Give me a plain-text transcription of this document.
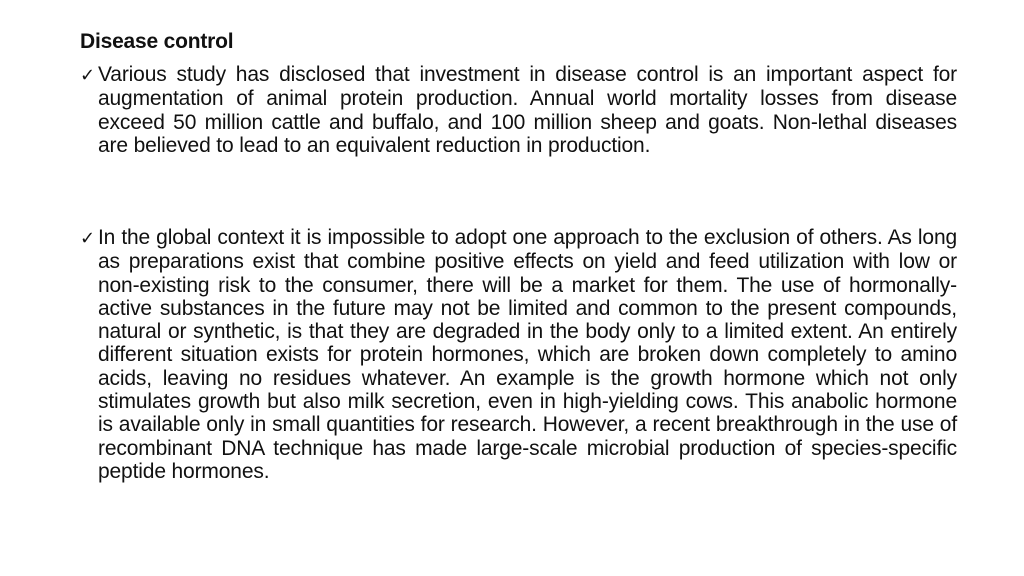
Disease control
✓ Various study has disclosed that investment in disease control is an important aspect for augmentation of animal protein production. Annual world mortality losses from disease exceed 50 million cattle and buffalo, and 100 million sheep and goats. Non-lethal diseases are believed to lead to an equivalent reduction in production.
✓ In the global context it is impossible to adopt one approach to the exclusion of others. As long as preparations exist that combine positive effects on yield and feed utilization with low or non-existing risk to the consumer, there will be a market for them. The use of hormonally-active substances in the future may not be limited and common to the present compounds, natural or synthetic, is that they are degraded in the body only to a limited extent. An entirely different situation exists for protein hormones, which are broken down completely to amino acids, leaving no residues whatever. An example is the growth hormone which not only stimulates growth but also milk secretion, even in high-yielding cows. This anabolic hormone is available only in small quantities for research. However, a recent breakthrough in the use of recombinant DNA technique has made large-scale microbial production of species-specific peptide hormones.
